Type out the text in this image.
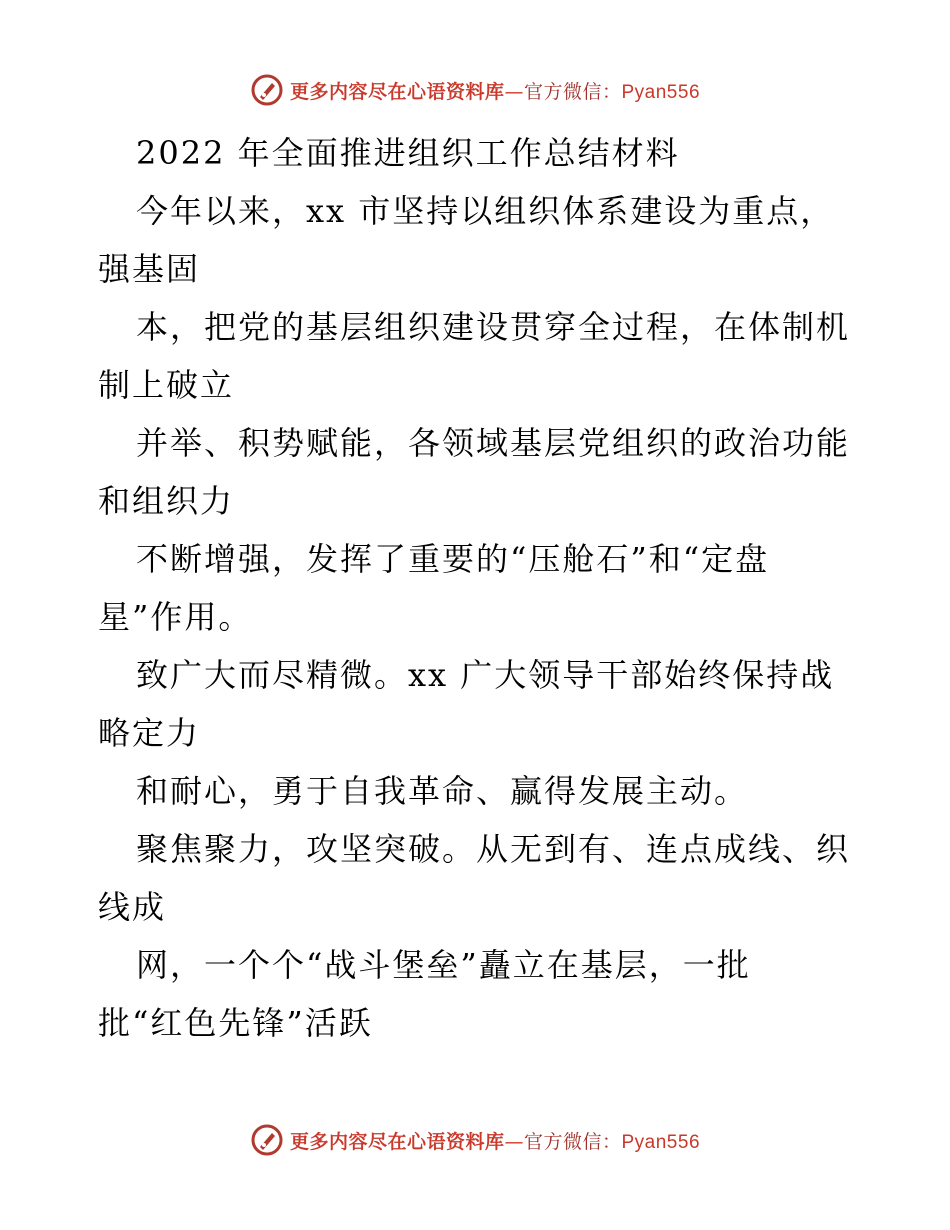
更多内容尽在心语资料库—官方微信：Pyan556
2022 年全面推进组织工作总结材料
今年以来，xx 市坚持以组织体系建设为重点，
强基固
本，把党的基层组织建设贯穿全过程，在体制机
制上破立
并举、积势赋能，各领域基层党组织的政治功能
和组织力
不断增强，发挥了重要的“压舱石”和“定盘
星”作用。
致广大而尽精微。xx 广大领导干部始终保持战
略定力
和耐心，勇于自我革命、赢得发展主动。
聚焦聚力，攻坚突破。从无到有、连点成线、织
线成
网，一个个“战斗堡垒”矗立在基层，一批
批“红色先锋”活跃
更多内容尽在心语资料库—官方微信：Pyan556
